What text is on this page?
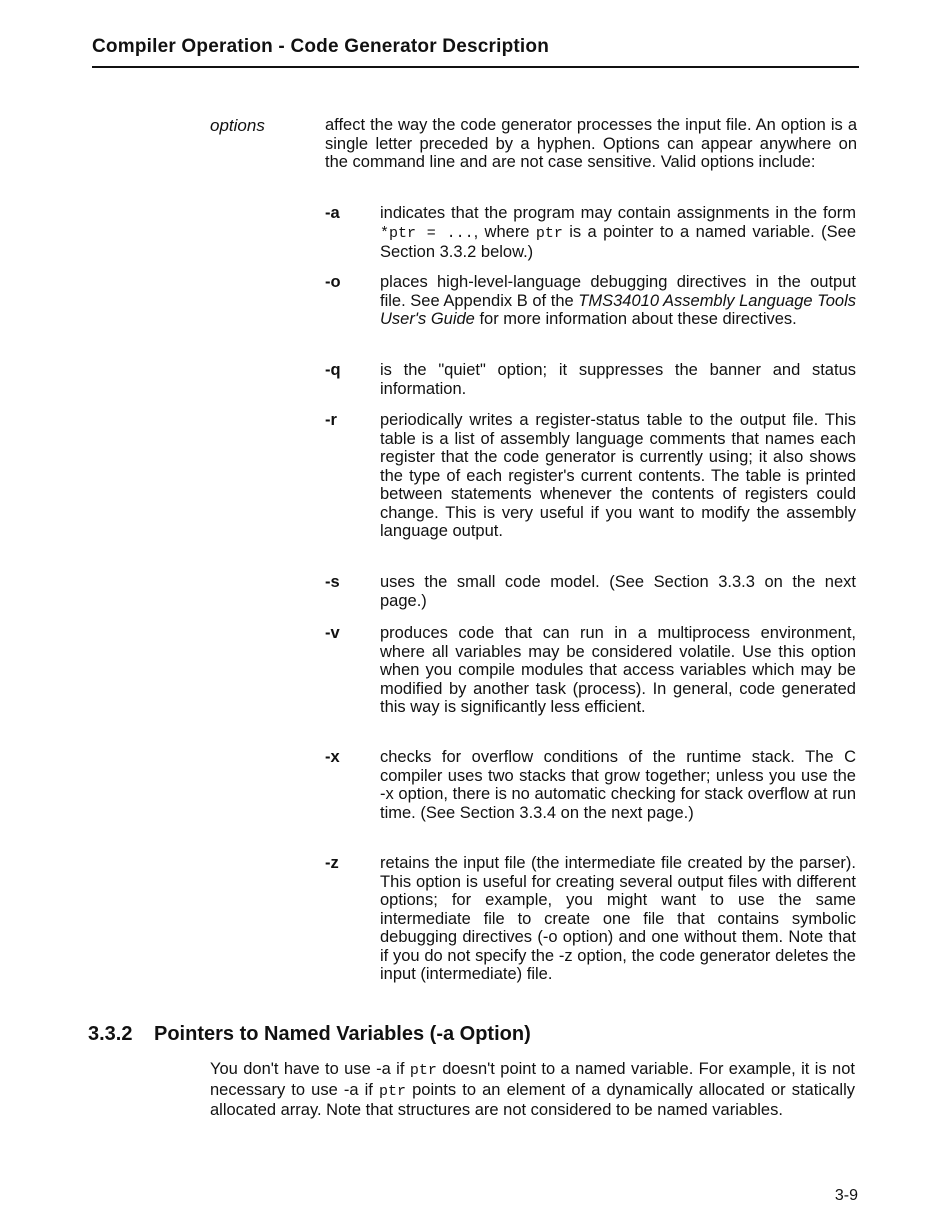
Compiler Operation - Code Generator Description
options	affect the way the code generator processes the input file. An option is a single letter preceded by a hyphen. Options can appear anywhere on the command line and are not case sensitive. Valid options include:
-a indicates that the program may contain assignments in the form *ptr = ..., where ptr is a pointer to a named variable. (See Section 3.3.2 below.)
-o places high-level-language debugging directives in the output file. See Appendix B of the TMS34010 Assembly Language Tools User's Guide for more information about these directives.
-q is the "quiet" option; it suppresses the banner and status information.
-r	periodically writes a register-status table to the output file. This table is a list of assembly language comments that names each register that the code generator is currently using; it also shows the type of each register's current contents. The table is printed between statements whenever the contents of registers could change. This is very useful if you want to modify the assembly language output.
-s uses the small code model. (See Section 3.3.3 on the next page.)
-v produces code that can run in a multiprocess environment, where all variables may be considered volatile. Use this option when you compile modules that access variables which may be modified by another task (process). In general, code generated this way is significantly less efficient.
-x checks for overflow conditions of the runtime stack. The C compiler uses two stacks that grow together; unless you use the -x option, there is no automatic checking for stack overflow at run time. (See Section 3.3.4 on the next page.)
-z	retains the input file (the intermediate file created by the parser). This option is useful for creating several output files with different options; for example, you might want to use the same intermediate file to create one file that contains symbolic debugging directives (-o option) and one without them. Note that if you do not specify the -z option, the code generator deletes the input (intermediate) file.
3.3.2 Pointers to Named Variables (-a Option)
You don't have to use -a if ptr doesn't point to a named variable. For example, it is not necessary to use -a if ptr points to an element of a dynamically allocated or statically allocated array. Note that structures are not considered to be named variables.
3-9
